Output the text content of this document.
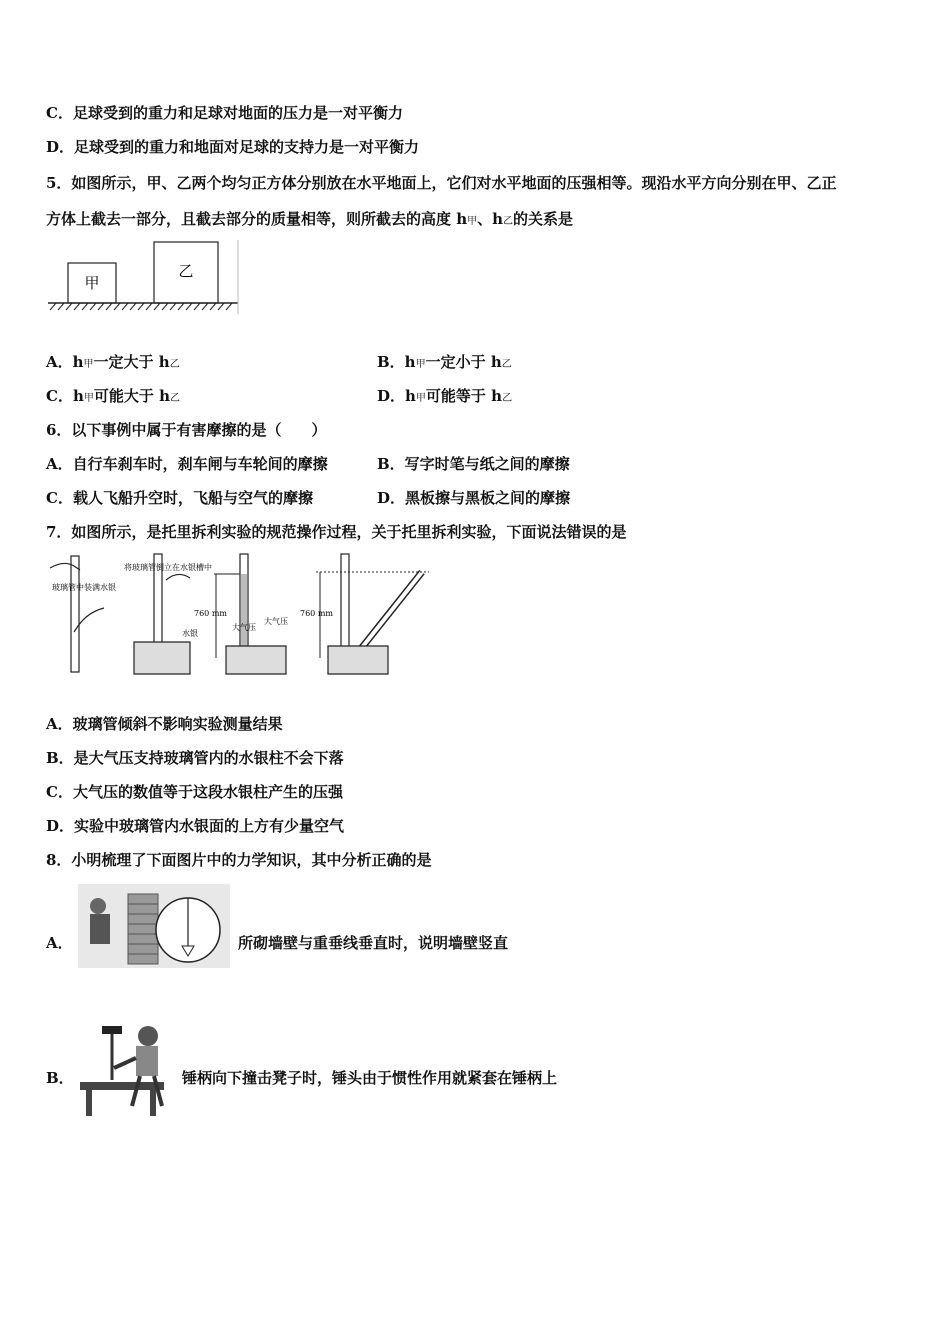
C．足球受到的重力和足球对地面的压力是一对平衡力
D．足球受到的重力和地面对足球的支持力是一对平衡力
5．如图所示，甲、乙两个均匀正方体分别放在水平地面上，它们对水平地面的压强相等。现沿水平方向分别在甲、乙正
方体上截去一部分，且截去部分的质量相等，则所截去的高度 h甲、h乙的关系是
甲
乙
A．h甲一定大于 h乙	B．h甲一定小于 h乙
C．h甲可能大于 h乙	D．h甲可能等于 h乙
6．以下事例中属于有害摩擦的是（　　）
A．自行车刹车时，刹车闸与车轮间的摩擦	B．写字时笔与纸之间的摩擦
C．载人飞船升空时，飞船与空气的摩擦	D．黑板擦与黑板之间的摩擦
7．如图所示，是托里拆利实验的规范操作过程，关于托里拆利实验，下面说法错误的是
玻璃管中装满水银
将玻璃管倒立在水银槽中
水银
760 mm
大气压
大气压
760 mm
A．玻璃管倾斜不影响实验测量结果
B．是大气压支持玻璃管内的水银柱不会下落
C．大气压的数值等于这段水银柱产生的压强
D．实验中玻璃管内水银面的上方有少量空气
8．小明梳理了下面图片中的力学知识，其中分析正确的是
A．	所砌墙壁与重垂线垂直时，说明墙壁竖直
B．	锤柄向下撞击凳子时，锤头由于惯性作用就紧套在锤柄上
